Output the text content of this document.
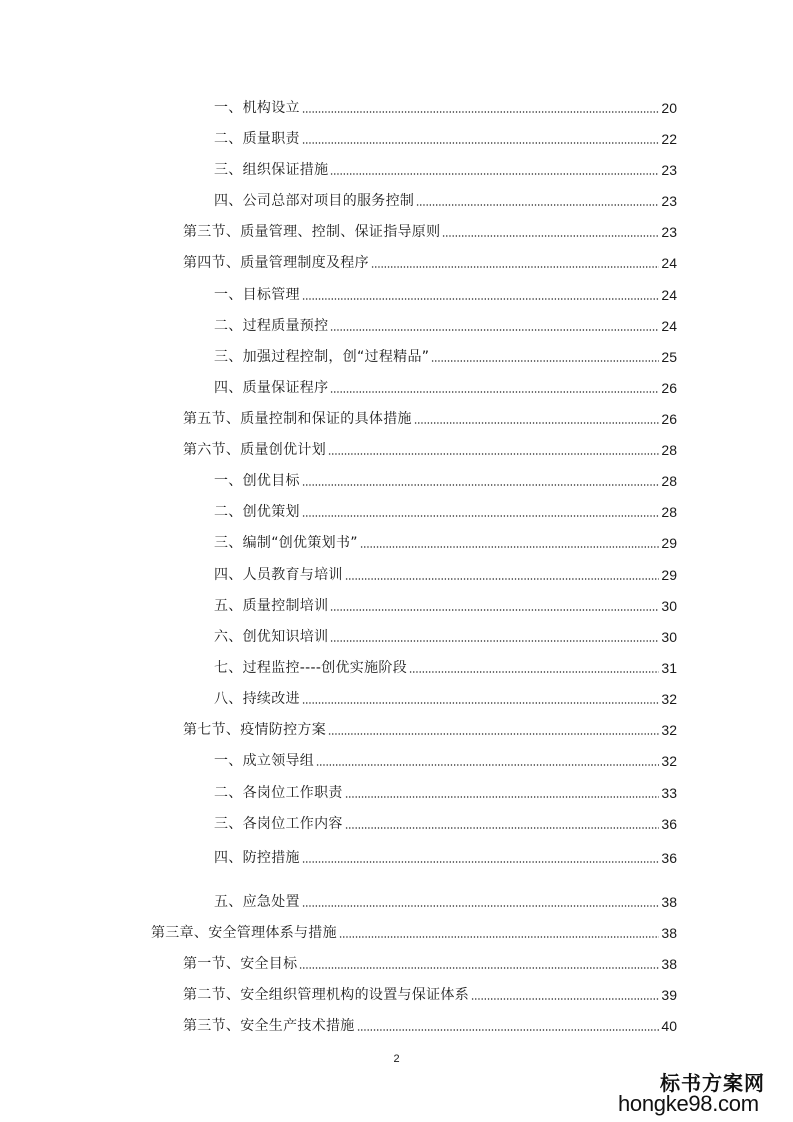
一、机构设立	20
二、质量职责	22
三、组织保证措施	23
四、公司总部对项目的服务控制	23
第三节、质量管理、控制、保证指导原则	23
第四节、质量管理制度及程序	24
一、目标管理	24
二、过程质量预控	24
三、加强过程控制，创“过程精品”	25
四、质量保证程序	26
第五节、质量控制和保证的具体措施	26
第六节、质量创优计划	28
一、创优目标	28
二、创优策划	28
三、编制“创优策划书”	29
四、人员教育与培训	29
五、质量控制培训	30
六、创优知识培训	30
七、过程监控----创优实施阶段	31
八、持续改进	32
第七节、疫情防控方案	32
一、成立领导组	32
二、各岗位工作职责	33
三、各岗位工作内容	36
四、防控措施	36
五、应急处置	38
第三章、安全管理体系与措施	38
第一节、安全目标	38
第二节、安全组织管理机构的设置与保证体系	39
第三节、安全生产技术措施	40
2
标书方案网
hongke98.com
